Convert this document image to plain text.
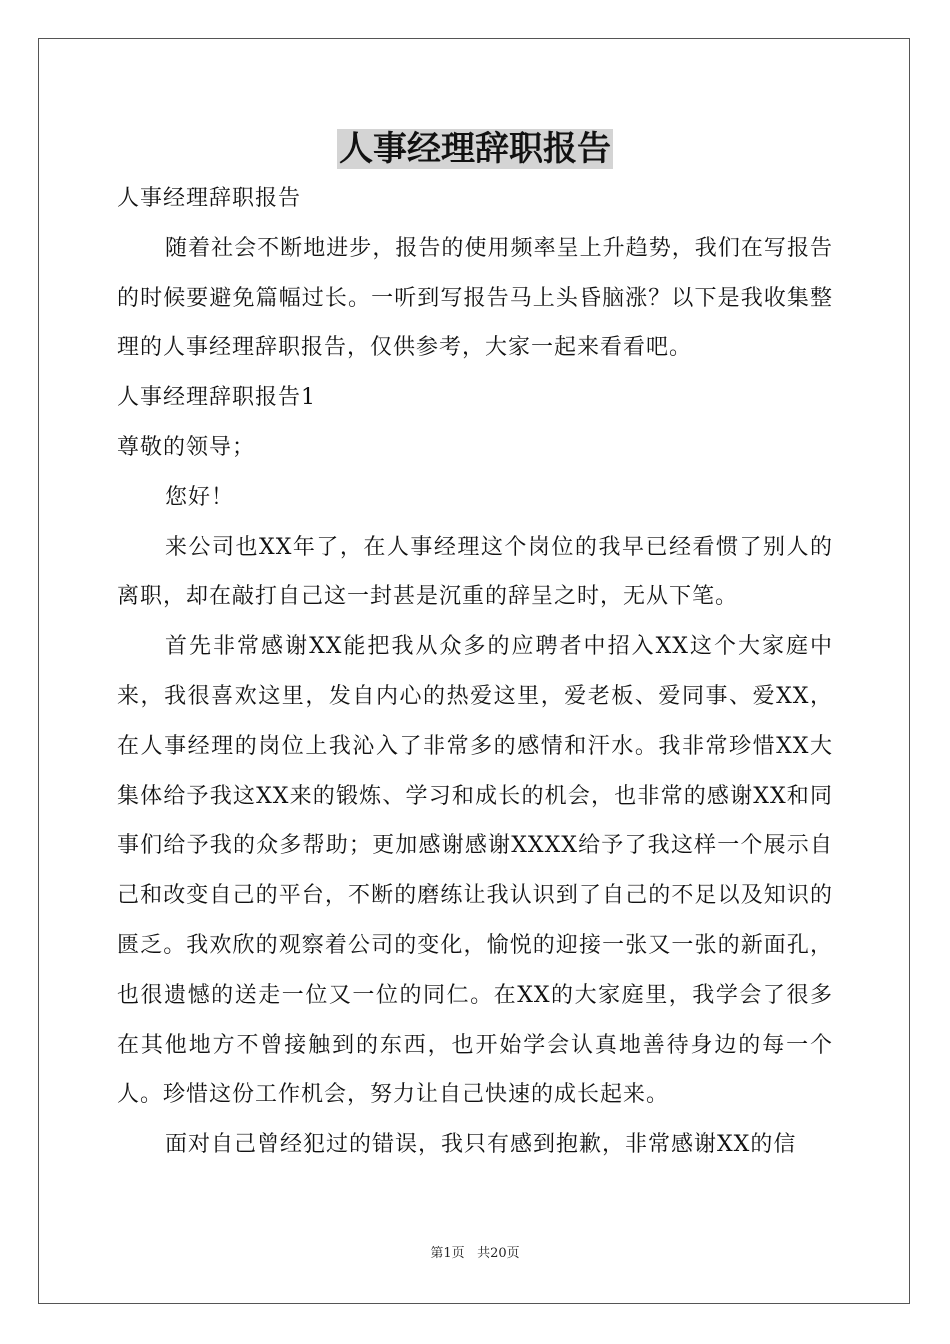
人事经理辞职报告

人事经理辞职报告

随着社会不断地进步，报告的使用频率呈上升趋势，我们在写报告的时候要避免篇幅过长。一听到写报告马上头昏脑涨？以下是我收集整理的人事经理辞职报告，仅供参考，大家一起来看看吧。

人事经理辞职报告1

尊敬的领导；

您好！

来公司也XX年了，在人事经理这个岗位的我早已经看惯了别人的离职，却在敲打自己这一封甚是沉重的辞呈之时，无从下笔。

首先非常感谢XX能把我从众多的应聘者中招入XX这个大家庭中来，我很喜欢这里，发自内心的热爱这里，爱老板、爱同事、爱XX，在人事经理的岗位上我沁入了非常多的感情和汗水。我非常珍惜XX大集体给予我这XX来的锻炼、学习和成长的机会，也非常的感谢XX和同事们给予我的众多帮助；更加感谢感谢XXXX给予了我这样一个展示自己和改变自己的平台，不断的磨练让我认识到了自己的不足以及知识的匮乏。我欢欣的观察着公司的变化，愉悦的迎接一张又一张的新面孔，也很遗憾的送走一位又一位的同仁。在XX的大家庭里，我学会了很多在其他地方不曾接触到的东西，也开始学会认真地善待身边的每一个人。珍惜这份工作机会，努力让自己快速的成长起来。

面对自己曾经犯过的错误，我只有感到抱歉，非常感谢XX的信

第1页 共20页
